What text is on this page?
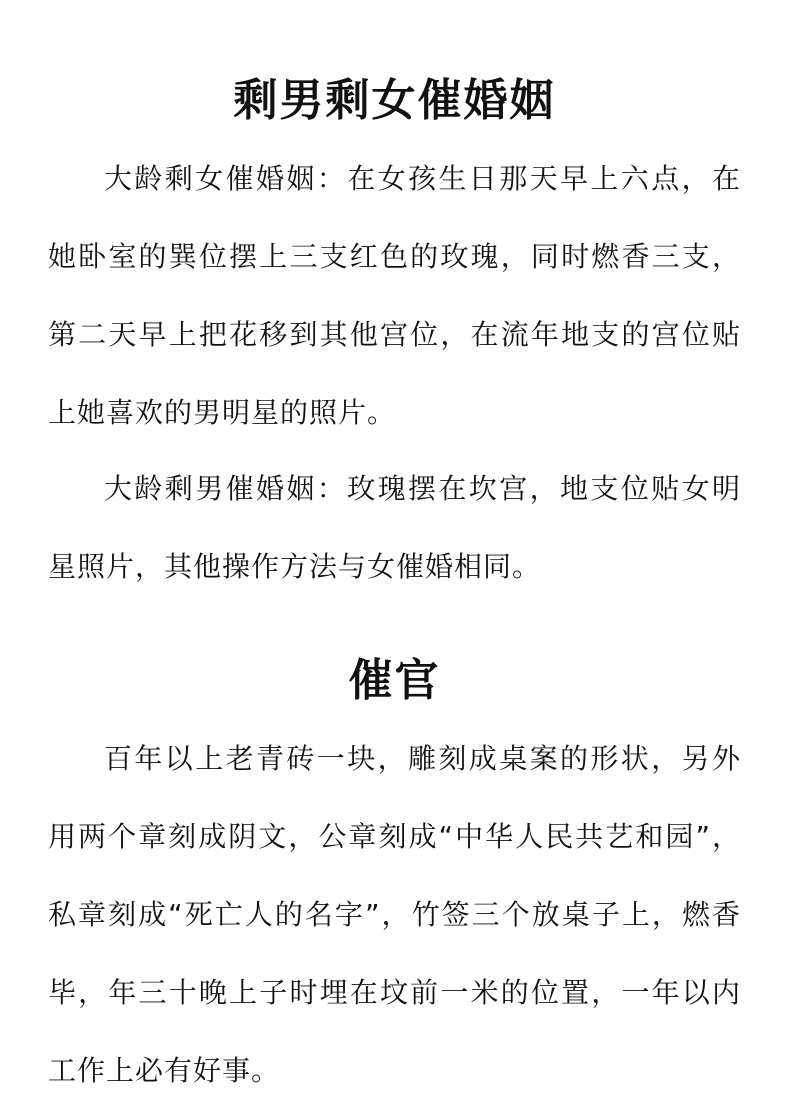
剩男剩女催婚姻

大龄剩女催婚姻：在女孩生日那天早上六点，在她卧室的巽位摆上三支红色的玫瑰，同时燃香三支，第二天早上把花移到其他宫位，在流年地支的宫位贴上她喜欢的男明星的照片。

大龄剩男催婚姻：玫瑰摆在坎宫，地支位贴女明星照片，其他操作方法与女催婚相同。

催官

百年以上老青砖一块，雕刻成桌案的形状，另外用两个章刻成阴文，公章刻成“中华人民共艺和园”，私章刻成“死亡人的名字”，竹签三个放桌子上，燃香毕，年三十晚上子时埋在坟前一米的位置，一年以内工作上必有好事。
